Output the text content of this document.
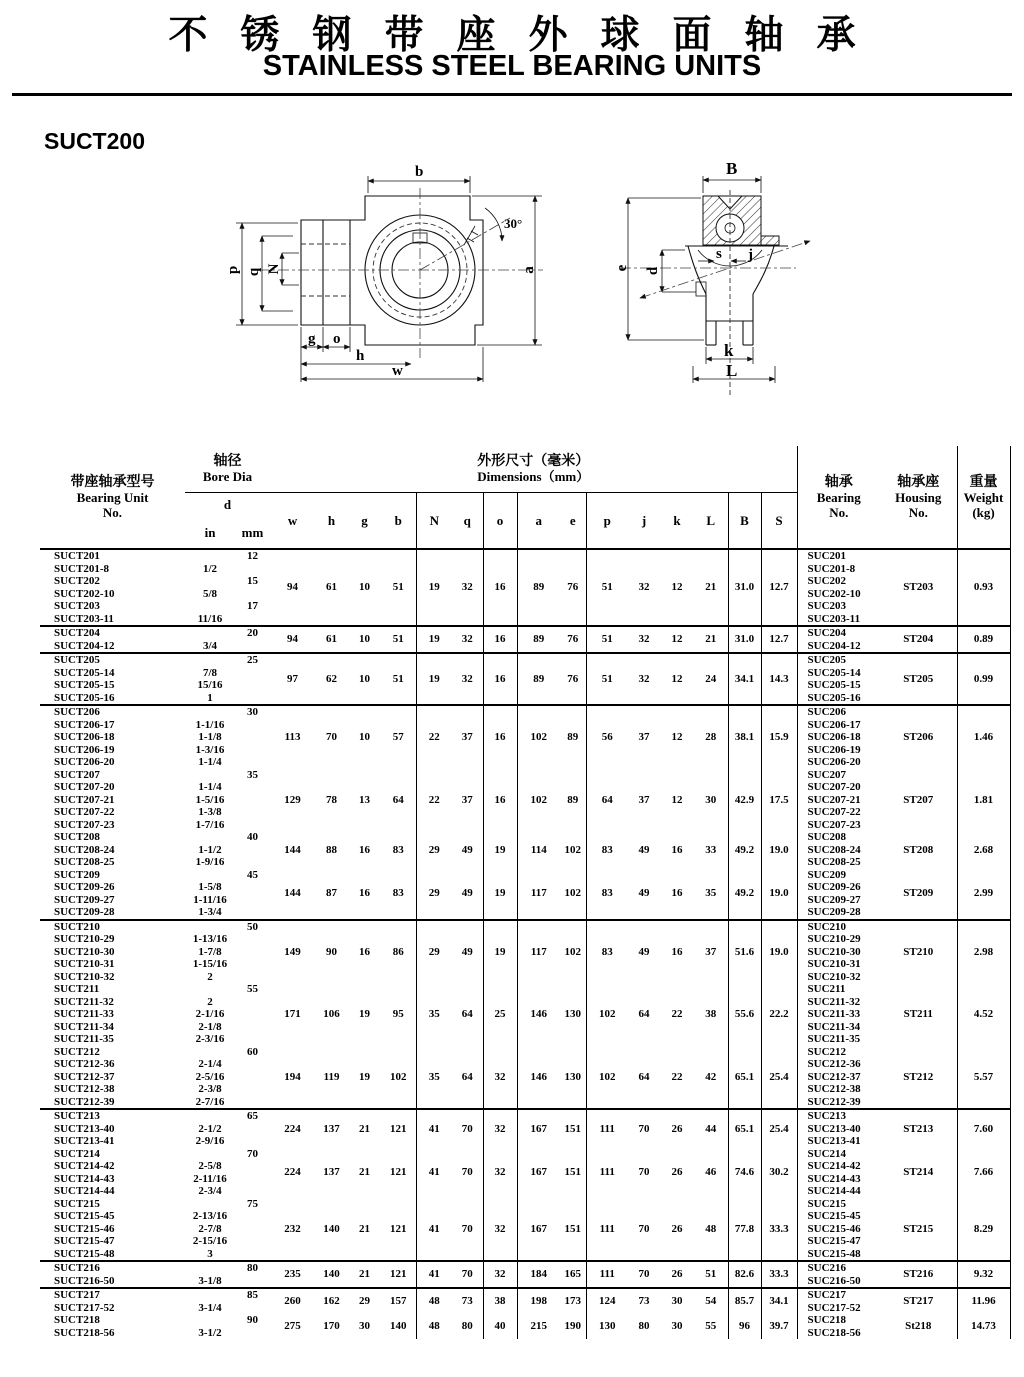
不锈钢带座外球面轴承
STAINLESS STEEL BEARING UNITS
SUCT200
30°
b
a
p q N
g o
h
w
B
e d
s j
k
L
带座轴承型号
Bearing Unit
No.

轴径
Bore Dia

外形尺寸（毫米）
Dimensions（mm）	轴承
Bearing
No.

轴承座
Housing
No.

重量
Weight
(kg)

	d		w	h	g	b	N	q	o	a	e	p	j	k	L	B	S			
	in	mm																		
SUCT201		12	94	61	10	51	19	32	16	89	76	51	32	12	21	31.0	12.7	SUC201	ST203	0.93
SUCT201-8	1/2																	SUC201-8		
SUCT202		15																SUC202		
SUCT202-10	5/8																	SUC202-10		
SUCT203		17																SUC203		
SUCT203-11	11/16																	SUC203-11		
SUCT204		20	94	61	10	51	19	32	16	89	76	51	32	12	21	31.0	12.7	SUC204	ST204	0.89
SUCT204-12	3/4																	SUC204-12		
SUCT205		25	97	62	10	51	19	32	16	89	76	51	32	12	24	34.1	14.3	SUC205	ST205	0.99
SUCT205-14	7/8																	SUC205-14		
SUCT205-15	15/16																	SUC205-15		
SUCT205-16	1																	SUC205-16		
SUCT206		30	113	70	10	57	22	37	16	102	89	56	37	12	28	38.1	15.9	SUC206	ST206	1.46
SUCT206-17	1-1/16																	SUC206-17		
SUCT206-18	1-1/8																	SUC206-18		
SUCT206-19	1-3/16																	SUC206-19		
SUCT206-20	1-1/4																	SUC206-20		
SUCT207		35	129	78	13	64	22	37	16	102	89	64	37	12	30	42.9	17.5	SUC207	ST207	1.81
SUCT207-20	1-1/4																	SUC207-20		
SUCT207-21	1-5/16																	SUC207-21		
SUCT207-22	1-3/8																	SUC207-22		
SUCT207-23	1-7/16																	SUC207-23		
SUCT208		40	144	88	16	83	29	49	19	114	102	83	49	16	33	49.2	19.0	SUC208	ST208	2.68
SUCT208-24	1-1/2																	SUC208-24		
SUCT208-25	1-9/16																	SUC208-25		
SUCT209		45	144	87	16	83	29	49	19	117	102	83	49	16	35	49.2	19.0	SUC209	ST209	2.99
SUCT209-26	1-5/8																	SUC209-26		
SUCT209-27	1-11/16																	SUC209-27		
SUCT209-28	1-3/4																	SUC209-28		
SUCT210		50	149	90	16	86	29	49	19	117	102	83	49	16	37	51.6	19.0	SUC210	ST210	2.98
SUCT210-29	1-13/16																	SUC210-29		
SUCT210-30	1-7/8																	SUC210-30		
SUCT210-31	1-15/16																	SUC210-31		
SUCT210-32	2																	SUC210-32		
SUCT211		55	171	106	19	95	35	64	25	146	130	102	64	22	38	55.6	22.2	SUC211	ST211	4.52
SUCT211-32	2																	SUC211-32		
SUCT211-33	2-1/16																	SUC211-33		
SUCT211-34	2-1/8																	SUC211-34		
SUCT211-35	2-3/16																	SUC211-35		
SUCT212		60	194	119	19	102	35	64	32	146	130	102	64	22	42	65.1	25.4	SUC212	ST212	5.57
SUCT212-36	2-1/4																	SUC212-36		
SUCT212-37	2-5/16																	SUC212-37		
SUCT212-38	2-3/8																	SUC212-38		
SUCT212-39	2-7/16																	SUC212-39		
SUCT213		65	224	137	21	121	41	70	32	167	151	111	70	26	44	65.1	25.4	SUC213	ST213	7.60
SUCT213-40	2-1/2																	SUC213-40		
SUCT213-41	2-9/16																	SUC213-41		
SUCT214		70	224	137	21	121	41	70	32	167	151	111	70	26	46	74.6	30.2	SUC214	ST214	7.66
SUCT214-42	2-5/8																	SUC214-42		
SUCT214-43	2-11/16																	SUC214-43		
SUCT214-44	2-3/4																	SUC214-44		
SUCT215		75	232	140	21	121	41	70	32	167	151	111	70	26	48	77.8	33.3	SUC215	ST215	8.29
SUCT215-45	2-13/16																	SUC215-45		
SUCT215-46	2-7/8																	SUC215-46		
SUCT215-47	2-15/16																	SUC215-47		
SUCT215-48	3																	SUC215-48		
SUCT216		80	235	140	21	121	41	70	32	184	165	111	70	26	51	82.6	33.3	SUC216	ST216	9.32
SUCT216-50	3-1/8																	SUC216-50		
SUCT217		85	260	162	29	157	48	73	38	198	173	124	73	30	54	85.7	34.1	SUC217	ST217	11.96
SUCT217-52	3-1/4																	SUC217-52		
SUCT218		90	275	170	30	140	48	80	40	215	190	130	80	30	55	96	39.7	SUC218	St218	14.73
SUCT218-56	3-1/2																	SUC218-56		
